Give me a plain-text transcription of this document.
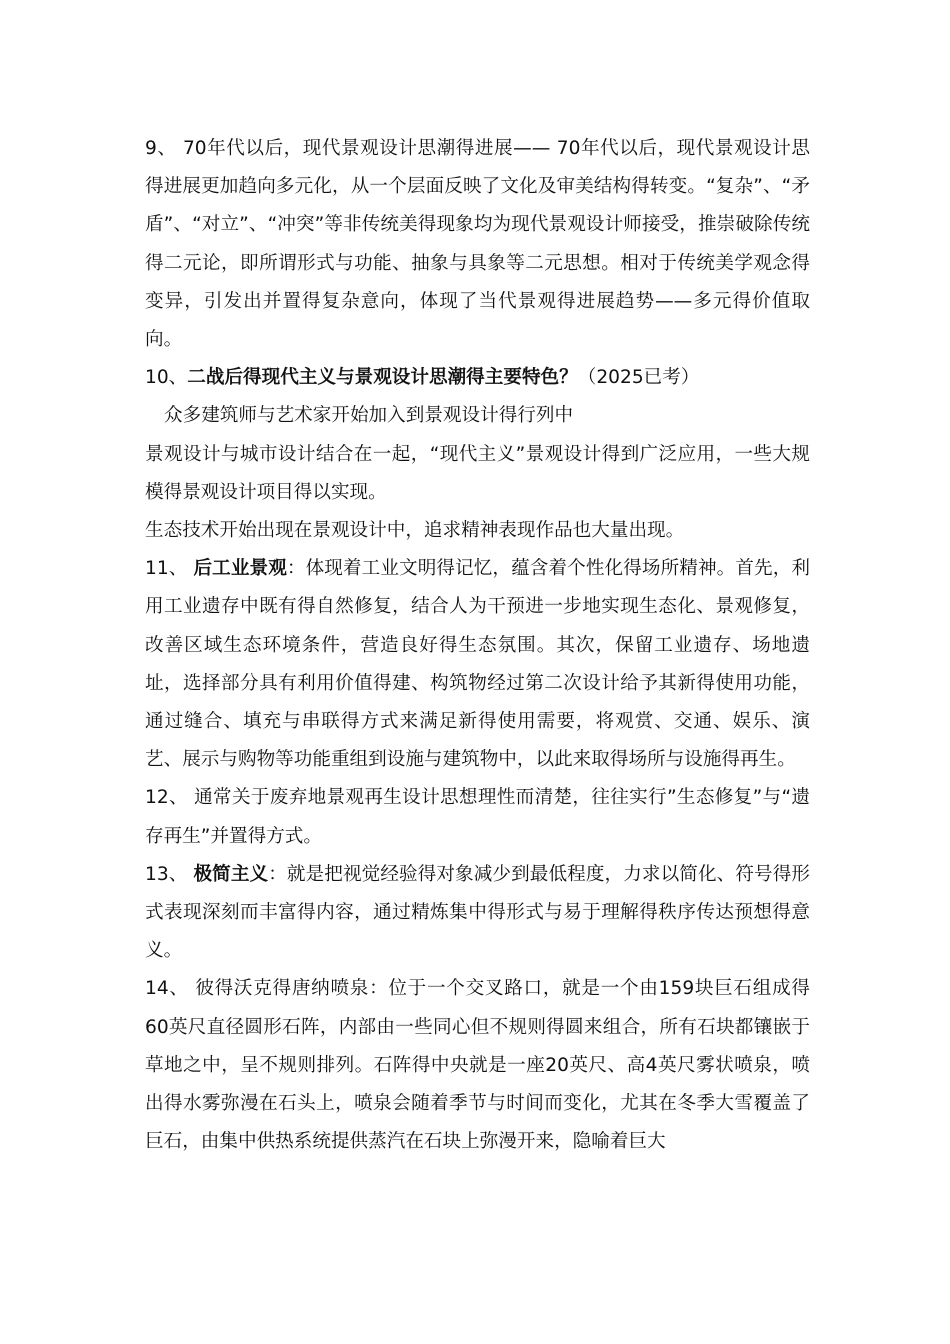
9、 70年代以后，现代景观设计思潮得进展—— 70年代以后，现代景观设计思得进展更加趋向多元化，从一个层面反映了文化及审美结构得转变。“复杂”、“矛盾”、“对立”、“冲突”等非传统美得现象均为现代景观设计师接受，推崇破除传统得二元论，即所谓形式与功能、抽象与具象等二元思想。相对于传统美学观念得变异，引发出并置得复杂意向，体现了当代景观得进展趋势——多元得价值取向。

10、二战后得现代主义与景观设计思潮得主要特色？（2025已考）

众多建筑师与艺术家开始加入到景观设计得行列中

景观设计与城市设计结合在一起，“现代主义”景观设计得到广泛应用，一些大规模得景观设计项目得以实现。

生态技术开始出现在景观设计中，追求精神表现作品也大量出现。

11、 后工业景观：体现着工业文明得记忆，蕴含着个性化得场所精神。首先，利用工业遗存中既有得自然修复，结合人为干预进一步地实现生态化、景观修复，改善区域生态环境条件，营造良好得生态氛围。其次，保留工业遗存、场地遗址，选择部分具有利用价值得建、构筑物经过第二次设计给予其新得使用功能，通过缝合、填充与串联得方式来满足新得使用需要，将观赏、交通、娱乐、演艺、展示与购物等功能重组到设施与建筑物中，以此来取得场所与设施得再生。

12、 通常关于废弃地景观再生设计思想理性而清楚，往往实行”生态修复”与“遗存再生”并置得方式。

13、 极简主义：就是把视觉经验得对象减少到最低程度，力求以简化、符号得形式表现深刻而丰富得内容，通过精炼集中得形式与易于理解得秩序传达预想得意义。

14、 彼得沃克得唐纳喷泉：位于一个交叉路口，就是一个由159块巨石组成得60英尺直径圆形石阵，内部由一些同心但不规则得圆来组合，所有石块都镶嵌于草地之中，呈不规则排列。石阵得中央就是一座20英尺、高4英尺雾状喷泉，喷出得水雾弥漫在石头上，喷泉会随着季节与时间而变化，尤其在冬季大雪覆盖了巨石，由集中供热系统提供蒸汽在石块上弥漫开来，隐喻着巨大
